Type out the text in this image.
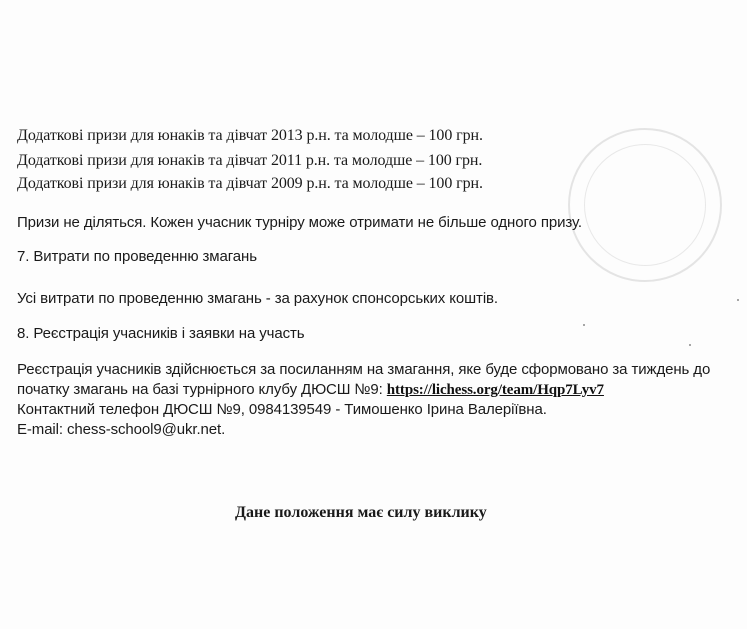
Додаткові призи для юнаків та дівчат 2013 р.н. та молодше – 100 грн.

Додаткові призи для юнаків та дівчат 2011 р.н. та молодше – 100 грн.

Додаткові призи для юнаків та дівчат 2009 р.н. та молодше – 100 грн.

Призи не діляться. Кожен учасник турніру може отримати не більше одного призу.

7. Витрати по проведенню змагань

Усі витрати по проведенню змагань - за рахунок спонсорських коштів.

8. Реєстрація учасників і заявки на участь

Реєстрація учасників здійснюється за посиланням на змагання, яке буде сформовано за тиждень до

початку змагань на базі турнірного клубу ДЮСШ №9: https://lichess.org/team/Hqp7Lyv7

Контактний телефон ДЮСШ №9, 0984139549 - Тимошенко Ірина Валеріївна.

E-mail: chess-school9@ukr.net.

Дане положення має силу виклику
